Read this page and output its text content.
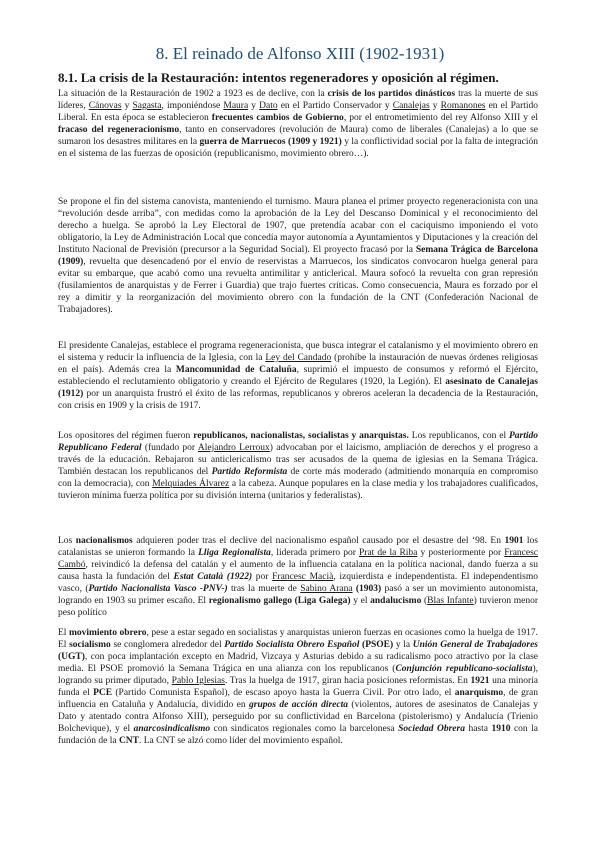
8. El reinado de Alfonso XIII (1902-1931)
8.1. La crisis de la Restauración: intentos regeneradores y oposición al régimen.

La situación de la Restauración de 1902 a 1923 es de declive, con la crisis de los partidos dinásticos tras la muerte de sus líderes, Cánovas y Sagasta, imponiéndose Maura y Dato en el Partido Conservador y Canalejas y Romanones en el Partido Liberal. En esta época se establecieron frecuentes cambios de Gobierno, por el entrometimiento del rey Alfonso XIII y el fracaso del regeneracionismo, tanto en conservadores (revolución de Maura) como de liberales (Canalejas) a lo que se sumaron los desastres militares en la guerra de Marruecos (1909 y 1921) y la conflictividad social por la falta de integración en el sistema de las fuerzas de oposición (republicanismo, movimiento obrero…).

Se propone el fin del sistema canovista, manteniendo el turnismo. Maura planea el primer proyecto regeneracionista con una “revolución desde arriba”, con medidas como la aprobación de la Ley del Descanso Dominical y el reconocimiento del derecho a huelga. Se aprobó la Ley Electoral de 1907, que pretendía acabar con el caciquismo imponiendo el voto obligatorio, la Ley de Administración Local que concedía mayor autonomía a Ayuntamientos y Diputaciones y la creación del Instituto Nacional de Previsión (precursor a la Seguridad Social). El proyecto fracasó por la Semana Trágica de Barcelona (1909), revuelta que desencadenó por el envío de reservistas a Marruecos, los sindicatos convocaron huelga general para evitar su embarque, que acabó como una revuelta antimilitar y anticlerical. Maura sofocó la revuelta con gran represión (fusilamientos de anarquistas y de Ferrer i Guardia) que trajo fuertes críticas. Como consecuencia, Maura es forzado por el rey a dimitir y la reorganización del movimiento obrero con la fundación de la CNT (Confederación Nacional de Trabajadores).

El presidente Canalejas, establece el programa regeneracionista, que busca integrar el catalanismo y el movimiento obrero en el sistema y reducir la influencia de la Iglesia, con la Ley del Candado (prohíbe la instauración de nuevas órdenes religiosas en el país). Además crea la Mancomunidad de Cataluña, suprimió el impuesto de consumos y reformó el Ejército, estableciendo el reclutamiento obligatorio y creando el Ejército de Regulares (1920, la Legión). El asesinato de Canalejas (1912) por un anarquista frustró el éxito de las reformas, republicanos y obreros aceleran la decadencia de la Restauración, con crisis en 1909 y la crisis de 1917.

Los opositores del régimen fueron republicanos, nacionalistas, socialistas y anarquistas. Los republicanos, con el Partido Republicano Federal (fundado por Alejandro Lerroux) advocaban por el laicismo, ampliación de derechos y el progreso a través de la educación. Rebajaron su anticlericalismo tras ser acusados de la quema de iglesias en la Semana Trágica. También destacan los republicanos del Partido Reformista de corte más moderado (admitiendo monarquía en compromiso con la democracia), con Melquiades Álvarez a la cabeza. Aunque populares en la clase media y los trabajadores cualificados, tuvieron mínima fuerza política por su división interna (unitarios y federalistas).

Los nacionalismos adquieren poder tras el declive del nacionalismo español causado por el desastre del ‘98. En 1901 los catalanistas se unieron formando la Lliga Regionalista, liderada primero por Prat de la Riba y posteriormente por Francesc Cambó, reivindicó la defensa del catalán y el aumento de la influencia catalana en la política nacional, dando fuerza a su causa hasta la fundación del Estat Català (1922) por Francesc Macià, izquierdista e independentista. El independentismo vasco, (Partido Nacionalista Vasco -PNV-) tras la muerte de Sabino Arana (1903) pasó a ser un movimiento autonomista, logrando en 1903 su primer escaño. El regionalismo gallego (Liga Galega) y el andalucismo (Blas Infante) tuvieron menor peso político

El movimiento obrero, pese a estar segado en socialistas y anarquistas unieron fuerzas en ocasiones como la huelga de 1917. El socialismo se conglomera alrededor del Partido Socialista Obrero Español (PSOE) y la Unión General de Trabajadores (UGT), con poca implantación excepto en Madrid, Vizcaya y Asturias debido a su radicalismo poco atractivo por la clase media. El PSOE promovió la Semana Trágica en una alianza con los republicanos (Conjunción republicano-socialista), logrando su primer diputado, Pablo Iglesias. Tras la huelga de 1917, giran hacia posiciones reformistas. En 1921 una minoría funda el PCE (Partido Comunista Español), de escaso apoyo hasta la Guerra Civil. Por otro lado, el anarquismo, de gran influencia en Cataluña y Andalucía, dividido en grupos de acción directa (violentos, autores de asesinatos de Canalejas y Dato y atentado contra Alfonso XIII), perseguido por su conflictividad en Barcelona (pistolerismo) y Andalucía (Trienio Bolchevique), y el anarcosindicalismo con sindicatos regionales como la barcelonesa Sociedad Obrera hasta 1910 con la fundación de la CNT. La CNT se alzó como líder del movimiento español.
